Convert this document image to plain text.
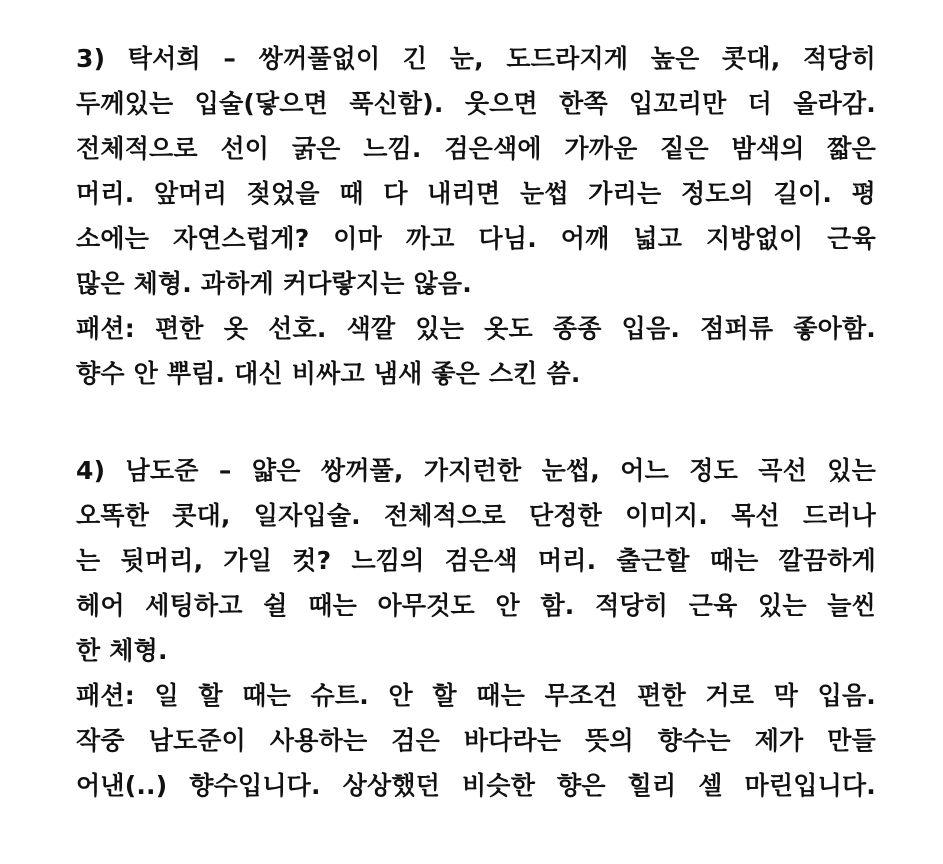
3) 탁서희 – 쌍꺼풀없이 긴 눈, 도드라지게 높은 콧대, 적당히
두께있는 입술(닿으면 푹신함). 웃으면 한쪽 입꼬리만 더 올라감.
전체적으로 선이 굵은 느낌. 검은색에 가까운 짙은 밤색의 짧은
머리. 앞머리 젖었을 때 다 내리면 눈썹 가리는 정도의 길이. 평
소에는 자연스럽게? 이마 까고 다님. 어깨 넓고 지방없이 근육
많은 체형. 과하게 커다랗지는 않음.
패션: 편한 옷 선호. 색깔 있는 옷도 종종 입음. 점퍼류 좋아함.
향수 안 뿌림. 대신 비싸고 냄새 좋은 스킨 씀.
4) 남도준 – 얇은 쌍꺼풀, 가지런한 눈썹, 어느 정도 곡선 있는
오똑한 콧대, 일자입술. 전체적으로 단정한 이미지. 목선 드러나
는 뒷머리, 가일 컷? 느낌의 검은색 머리. 출근할 때는 깔끔하게
헤어 세팅하고 쉴 때는 아무것도 안 함. 적당히 근육 있는 늘씬
한 체형.
패션: 일 할 때는 슈트. 안 할 때는 무조건 편한 거로 막 입음.
작중 남도준이 사용하는 검은 바다라는 뜻의 향수는 제가 만들
어낸(..) 향수입니다. 상상했던 비슷한 향은 힐리 셀 마린입니다.
